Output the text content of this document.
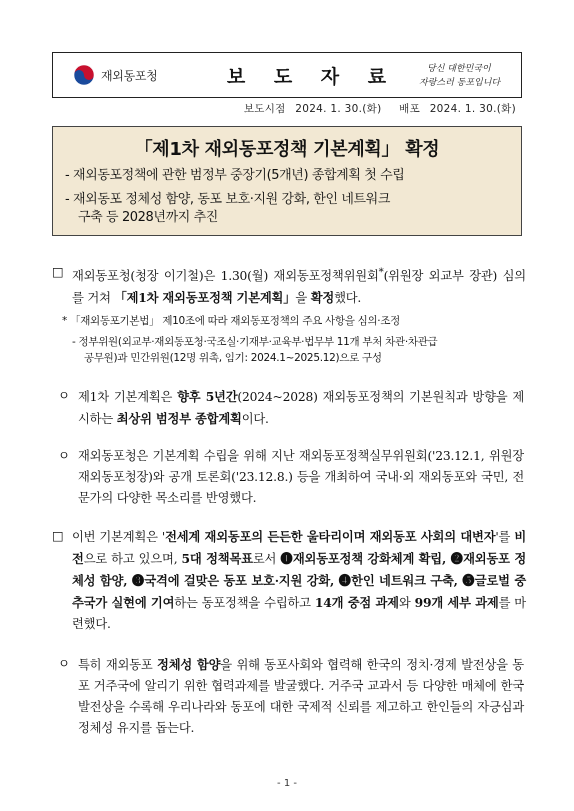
재외동포청	보 도 자 료	당신 대한민국이
자랑스러 동포입니다
보도시점 2024. 1. 30.(화) 배포 2024. 1. 30.(화)
「제1차 재외동포정책 기본계획」 확정
- 재외동포정책에 관한 범정부 중장기(5개년) 종합계획 첫 수립
- 재외동포 정체성 함양, 동포 보호·지원 강화, 한인 네트워크
구축 등 2028년까지 추진
□ 재외동포청(청장 이기철)은 1.30(월) 재외동포정책위원회*(위원장 외교부 장관) 심의를 거쳐 「제1차 재외동포정책 기본계획」을 확정했다.
* 「재외동포기본법」 제10조에 따라 재외동포정책의 주요 사항을 심의·조정
- 정부위원(외교부·재외동포청·국조실·기재부·교육부·법무부 11개 부처 차관·차관급
공무원)과 민간위원(12명 위촉, 임기: 2024.1~2025.12)으로 구성
ㅇ 제1차 기본계획은 향후 5년간(2024~2028) 재외동포정책의 기본원칙과 방향을 제시하는 최상위 범정부 종합계획이다.
ㅇ 재외동포청은 기본계획 수립을 위해 지난 재외동포정책실무위원회('23.12.1, 위원장 재외동포청장)와 공개 토론회('23.12.8.) 등을 개최하여 국내·외 재외동포와 국민, 전문가의 다양한 목소리를 반영했다.
□ 이번 기본계획은 '전세계 재외동포의 든든한 울타리이며 재외동포 사회의 대변자'를 비전으로 하고 있으며, 5대 정책목표로서 ❶재외동포정책 강화체계 확립, ❷재외동포 정체성 함양, ❸국격에 걸맞은 동포 보호·지원 강화, ❹한인 네트워크 구축, ❺글로벌 중추국가 실현에 기여하는 동포정책을 수립하고 14개 중점 과제와 99개 세부 과제를 마련했다.
ㅇ 특히 재외동포 정체성 함양을 위해 동포사회와 협력해 한국의 정치·경제 발전상을 동포 거주국에 알리기 위한 협력과제를 발굴했다. 거주국 교과서 등 다양한 매체에 한국 발전상을 수록해 우리나라와 동포에 대한 국제적 신뢰를 제고하고 한인들의 자긍심과 정체성 유지를 돕는다.
- 1 -
